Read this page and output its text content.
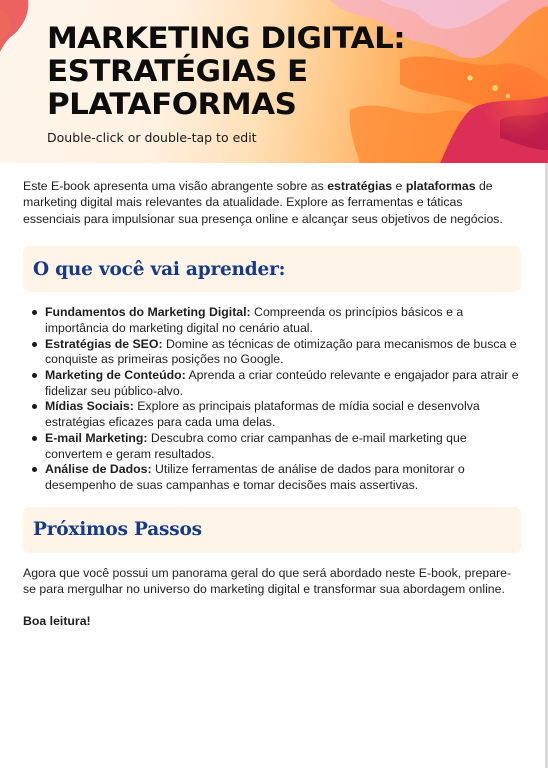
MARKETING DIGITAL:
ESTRATÉGIAS E
PLATAFORMAS
Double-click or double-tap to edit

Este E-book apresenta uma visão abrangente sobre as estratégias e plataformas de marketing digital mais relevantes da atualidade. Explore as ferramentas e táticas essenciais para impulsionar sua presença online e alcançar seus objetivos de negócios.

O que você vai aprender:
Fundamentos do Marketing Digital: Compreenda os princípios básicos e a importância do marketing digital no cenário atual.
Estratégias de SEO: Domine as técnicas de otimização para mecanismos de busca e conquiste as primeiras posições no Google.
Marketing de Conteúdo: Aprenda a criar conteúdo relevante e engajador para atrair e fidelizar seu público-alvo.
Mídias Sociais: Explore as principais plataformas de mídia social e desenvolva estratégias eficazes para cada uma delas.
E-mail Marketing: Descubra como criar campanhas de e-mail marketing que convertem e geram resultados.
Análise de Dados: Utilize ferramentas de análise de dados para monitorar o desempenho de suas campanhas e tomar decisões mais assertivas.
Próximos Passos

Agora que você possui um panorama geral do que será abordado neste E-book, prepare-se para mergulhar no universo do marketing digital e transformar sua abordagem online.

Boa leitura!
